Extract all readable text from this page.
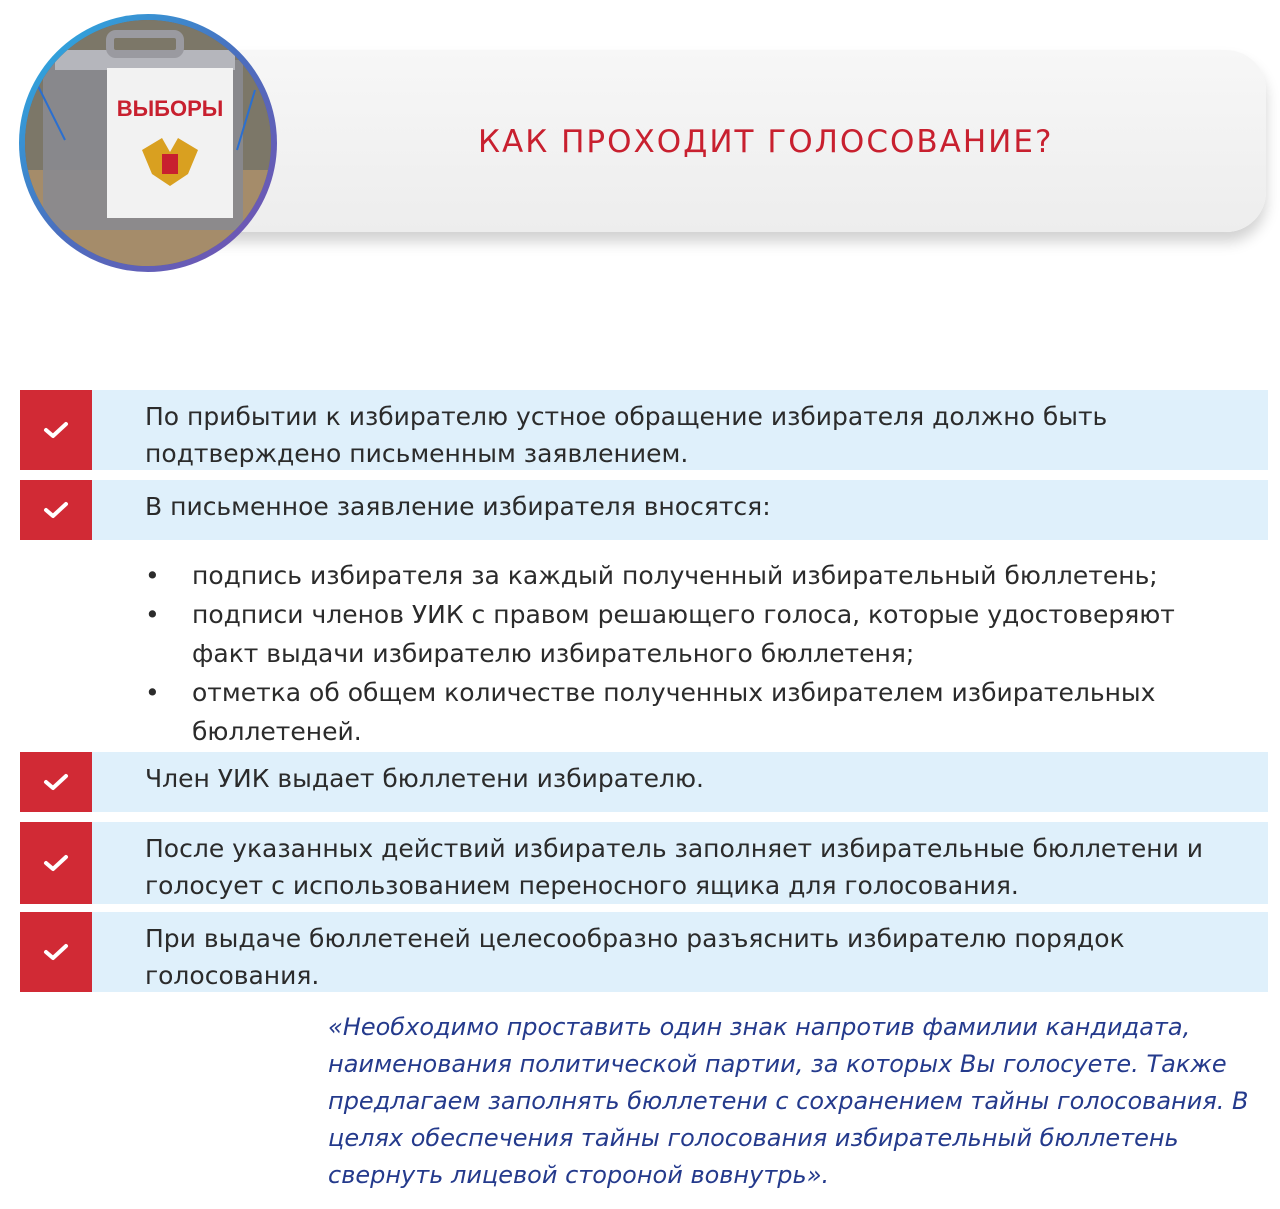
КАК ПРОХОДИТ ГОЛОСОВАНИЕ?
ВЫБОРЫ
По прибытии к избирателю устное обращение избирателя должно быть подтверждено письменным заявлением.
В письменное заявление избирателя вносятся:
• подпись избирателя за каждый полученный избирательный бюллетень;
• подписи членов УИК с правом решающего голоса, которые удостоверяют факт выдачи избирателю избирательного бюллетеня;
• отметка об общем количестве полученных избирателем избирательных бюллетеней.
Член УИК выдает бюллетени избирателю.
После указанных действий избиратель заполняет избирательные бюллетени и голосует с использованием переносного ящика для голосования.
При выдаче бюллетеней целесообразно разъяснить избирателю порядок голосования.
«Необходимо проставить один знак напротив фамилии кандидата, наименования политической партии, за которых Вы голосуете. Также предлагаем заполнять бюллетени с сохранением тайны голосования. В целях обеспечения тайны голосования избирательный бюллетень свернуть лицевой стороной вовнутрь».
